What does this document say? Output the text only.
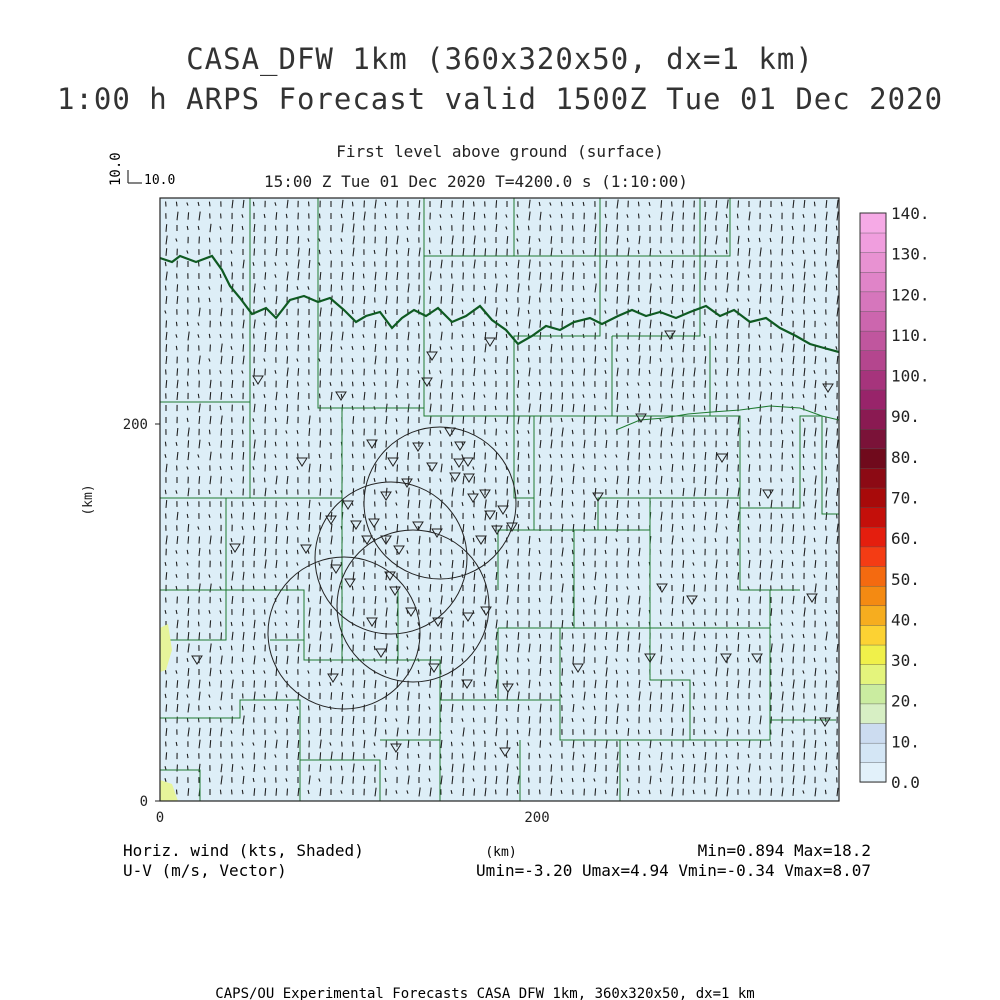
CASA_DFW 1km (360x320x50, dx=1 km)
1:00 h ARPS Forecast valid 1500Z Tue 01 Dec 2020
First level above ground (surface)
15:00 Z Tue 01 Dec 2020 T=4200.0 s (1:10:00)
10.0 10.0
0
200
0	200
(km)
0.0
10.
20.
30.
40.
50.
60.
70.
80.
90.
100.
110.
120.
130.
140.
Horiz. wind (kts, Shaded)
U-V (m/s, Vector)
(km)	Min=0.894 Max=18.2
Umin=-3.20 Umax=4.94 Vmin=-0.34 Vmax=8.07
CAPS/OU Experimental Forecasts CASA DFW 1km, 360x320x50, dx=1 km
